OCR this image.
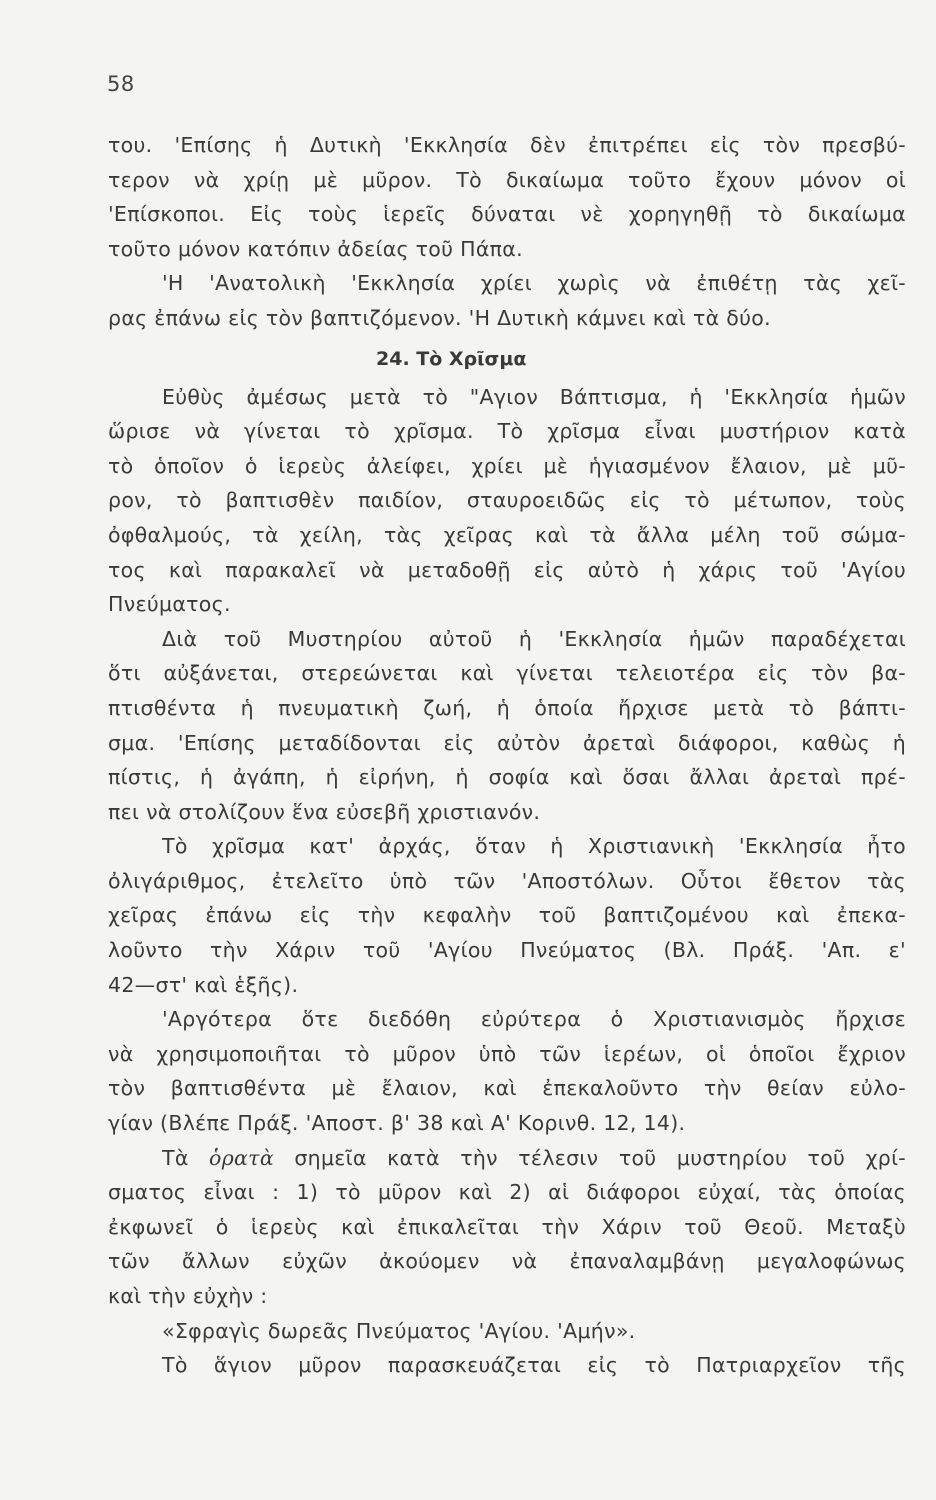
58
του. 'Επίσης ἡ Δυτικὴ 'Εκκλησία δὲν ἐπιτρέπει εἰς τὸν πρεσβύ-
τερον νὰ χρίῃ μὲ μῦρον. Τὸ δικαίωμα τοῦτο ἔχουν μόνον οἱ
'Επίσκοποι. Εἰς τοὺς ἱερεῖς δύναται νὲ χορηγηθῇ τὸ δικαίωμα
τοῦτο μόνον κατόπιν ἀδείας τοῦ Πάπα.
'Η 'Ανατολικὴ 'Εκκλησία χρίει χωρὶς νὰ ἐπιθέτῃ τὰς χεῖ-
ρας ἐπάνω εἰς τὸν βαπτιζόμενον. 'Η Δυτικὴ κάμνει καὶ τὰ δύο.
24. Τὸ Χρῖσμα
Εὐθὺς ἀμέσως μετὰ τὸ "Αγιον Βάπτισμα, ἡ 'Εκκλησία ἡμῶν
ὥρισε νὰ γίνεται τὸ χρῖσμα. Τὸ χρῖσμα εἶναι μυστήριον κατὰ
τὸ ὁποῖον ὁ ἱερεὺς ἀλείφει, χρίει μὲ ἡγιασμένον ἔλαιον, μὲ μῦ-
ρον, τὸ βαπτισθὲν παιδίον, σταυροειδῶς εἰς τὸ μέτωπον, τοὺς
ὀφθαλμούς, τὰ χείλη, τὰς χεῖρας καὶ τὰ ἄλλα μέλη τοῦ σώμα-
τος καὶ παρακαλεῖ νὰ μεταδοθῇ εἰς αὐτὸ ἡ χάρις τοῦ 'Αγίου
Πνεύματος.
Διὰ τοῦ Μυστηρίου αὐτοῦ ἡ 'Εκκλησία ἡμῶν παραδέχεται
ὅτι αὐξάνεται, στερεώνεται καὶ γίνεται τελειοτέρα εἰς τὸν βα-
πτισθέντα ἡ πνευματικὴ ζωή, ἡ ὁποία ἤρχισε μετὰ τὸ βάπτι-
σμα. 'Επίσης μεταδίδονται εἰς αὐτὸν ἀρεταὶ διάφοροι, καθὼς ἡ
πίστις, ἡ ἀγάπη, ἡ εἰρήνη, ἡ σοφία καὶ ὅσαι ἄλλαι ἀρεταὶ πρέ-
πει νὰ στολίζουν ἕνα εὐσεβῆ χριστιανόν.
Τὸ χρῖσμα κατ' ἀρχάς, ὅταν ἡ Χριστιανικὴ 'Εκκλησία ἦτο
ὀλιγάριθμος, ἐτελεῖτο ὑπὸ τῶν 'Αποστόλων. Οὗτοι ἔθετον τὰς
χεῖρας ἐπάνω εἰς τὴν κεφαλὴν τοῦ βαπτιζομένου καὶ ἐπεκα-
λοῦντο τὴν Χάριν τοῦ 'Αγίου Πνεύματος (Βλ. Πράξ. 'Απ. ε'
42—στ' καὶ ἑξῆς).
'Αργότερα ὅτε διεδόθη εὐρύτερα ὁ Χριστιανισμὸς ἤρχισε
νὰ χρησιμοποιῆται τὸ μῦρον ὑπὸ τῶν ἱερέων, οἱ ὁποῖοι ἔχριον
τὸν βαπτισθέντα μὲ ἔλαιον, καὶ ἐπεκαλοῦντο τὴν θείαν εὐλο-
γίαν (Βλέπε Πράξ. 'Αποστ. β' 38 καὶ Α' Κορινθ. 12, 14).
Τὰ ὁρατὰ σημεῖα κατὰ τὴν τέλεσιν τοῦ μυστηρίου τοῦ χρί-
σματος εἶναι : 1) τὸ μῦρον καὶ 2) αἱ διάφοροι εὐχαί, τὰς ὁποίας
ἐκφωνεῖ ὁ ἱερεὺς καὶ ἐπικαλεῖται τὴν Χάριν τοῦ Θεοῦ. Μεταξὺ
τῶν ἄλλων εὐχῶν ἀκούομεν νὰ ἐπαναλαμβάνῃ μεγαλοφώνως
καὶ τὴν εὐχὴν :
«Σφραγὶς δωρεᾶς Πνεύματος 'Αγίου. 'Αμήν».
Τὸ ἅγιον μῦρον παρασκευάζεται εἰς τὸ Πατριαρχεῖον τῆς
